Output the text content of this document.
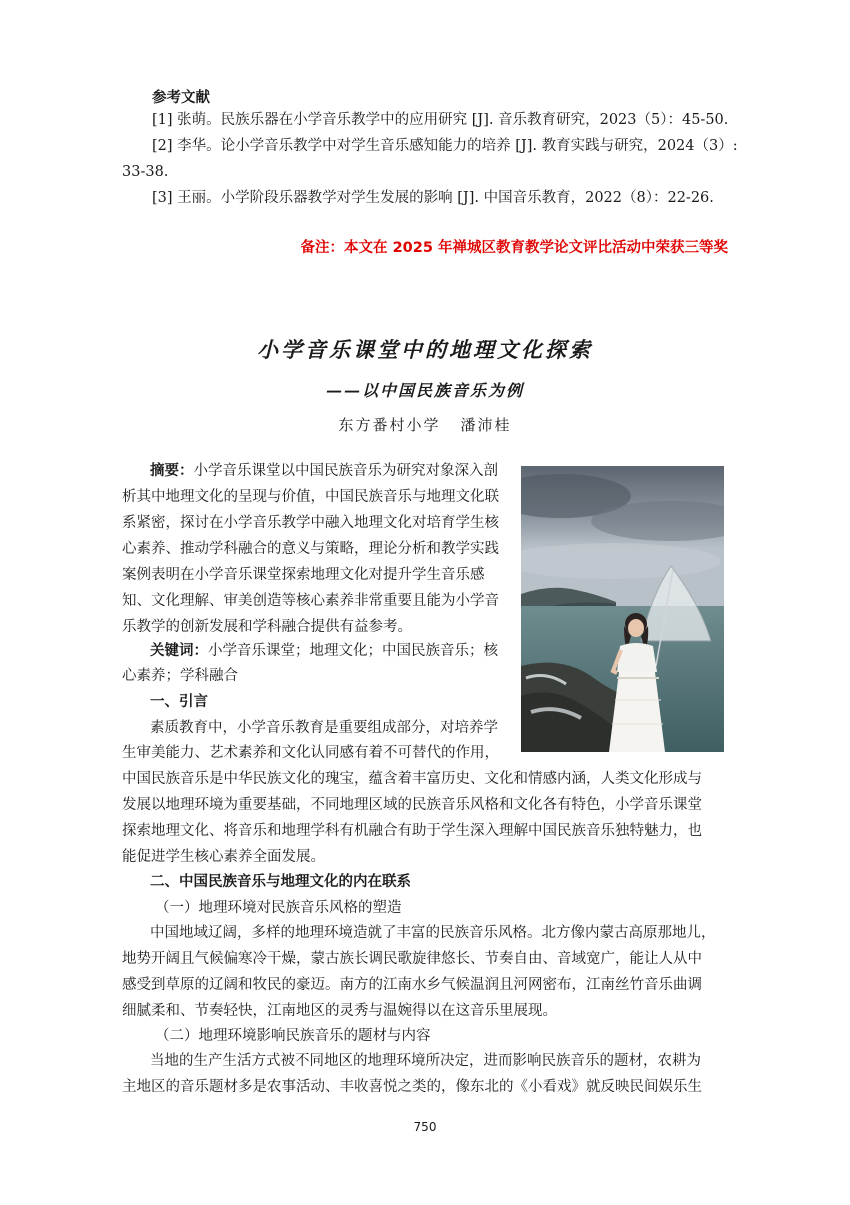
参考文献
[1] 张萌。民族乐器在小学音乐教学中的应用研究 [J]. 音乐教育研究，2023（5）：45-50.
[2] 李华。论小学音乐教学中对学生音乐感知能力的培养 [J]. 教育实践与研究，2024（3）:
33-38.
[3] 王丽。小学阶段乐器教学对学生发展的影响 [J]. 中国音乐教育，2022（8）：22-26.
备注：本文在 2025 年禅城区教育教学论文评比活动中荣获三等奖
小学音乐课堂中的地理文化探索
——以中国民族音乐为例
东方番村小学 潘沛桂
摘要：小学音乐课堂以中国民族音乐为研究对象深入剖
析其中地理文化的呈现与价值，中国民族音乐与地理文化联
系紧密，探讨在小学音乐教学中融入地理文化对培育学生核
心素养、推动学科融合的意义与策略，理论分析和教学实践
案例表明在小学音乐课堂探索地理文化对提升学生音乐感
知、文化理解、审美创造等核心素养非常重要且能为小学音
乐教学的创新发展和学科融合提供有益参考。
关键词：小学音乐课堂；地理文化；中国民族音乐；核
心素养；学科融合
一、引言
素质教育中，小学音乐教育是重要组成部分，对培养学
生审美能力、艺术素养和文化认同感有着不可替代的作用，
中国民族音乐是中华民族文化的瑰宝，蕴含着丰富历史、文化和情感内涵，人类文化形成与
发展以地理环境为重要基础，不同地理区域的民族音乐风格和文化各有特色，小学音乐课堂
探索地理文化、将音乐和地理学科有机融合有助于学生深入理解中国民族音乐独特魅力，也
能促进学生核心素养全面发展。
二、中国民族音乐与地理文化的内在联系
（一）地理环境对民族音乐风格的塑造
中国地域辽阔，多样的地理环境造就了丰富的民族音乐风格。北方像内蒙古高原那地儿，
地势开阔且气候偏寒冷干燥，蒙古族长调民歌旋律悠长、节奏自由、音域宽广，能让人从中
感受到草原的辽阔和牧民的豪迈。南方的江南水乡气候温润且河网密布，江南丝竹音乐曲调
细腻柔和、节奏轻快，江南地区的灵秀与温婉得以在这音乐里展现。
（二）地理环境影响民族音乐的题材与内容
当地的生产生活方式被不同地区的地理环境所决定，进而影响民族音乐的题材，农耕为
主地区的音乐题材多是农事活动、丰收喜悦之类的，像东北的《小看戏》就反映民间娱乐生
750
